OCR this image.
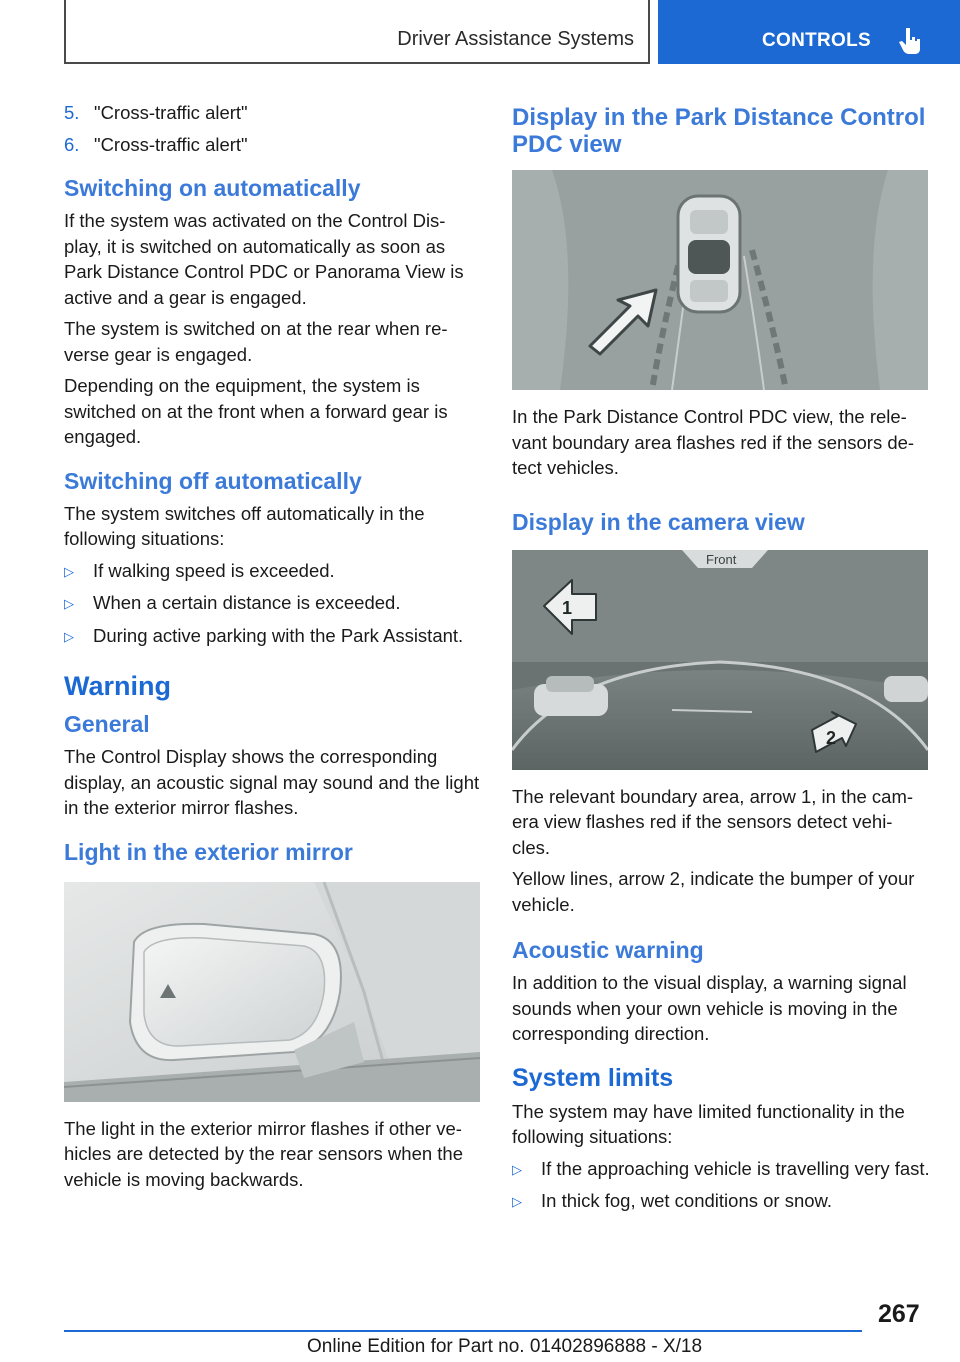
Driver Assistance Systems	CONTROLS
5. "Cross-traffic alert"
6. "Cross-traffic alert"
Switching on automatically

If the system was activated on the Control Dis‐ play, it is switched on automatically as soon as Park Distance Control PDC or Panorama View is active and a gear is engaged.

The system is switched on at the rear when re‐ verse gear is engaged.

Depending on the equipment, the system is switched on at the front when a forward gear is engaged.

Switching off automatically

The system switches off automatically in the following situations:

▷	If walking speed is exceeded.
▷	When a certain distance is exceeded.
▷	During active parking with the Park Assistant.
Warning
General

The Control Display shows the corresponding display, an acoustic signal may sound and the light in the exterior mirror flashes.

Light in the exterior mirror

The light in the exterior mirror flashes if other ve‐ hicles are detected by the rear sensors when the vehicle is moving backwards.

Display in the Park Distance Control PDC view

In the Park Distance Control PDC view, the rele‐ vant boundary area flashes red if the sensors de‐ tect vehicles.

Display in the camera view
Front
1
2

The relevant boundary area, arrow 1, in the cam‐ era view flashes red if the sensors detect vehi‐ cles.

Yellow lines, arrow 2, indicate the bumper of your vehicle.

Acoustic warning

In addition to the visual display, a warning signal sounds when your own vehicle is moving in the corresponding direction.

System limits

The system may have limited functionality in the following situations:

▷	If the approaching vehicle is travelling very fast.
▷	In thick fog, wet conditions or snow.
267
Online Edition for Part no. 01402896888 - X/18
